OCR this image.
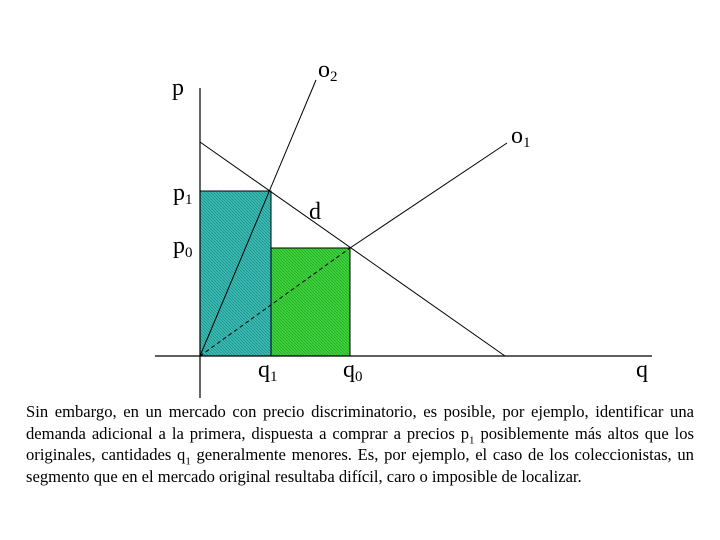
p
q
o2
o1
d
p1
p0
q1	q0
Sin embargo, en un mercado con precio discriminatorio, es posible, por ejemplo, identificar una demanda adicional a la primera, dispuesta a comprar a precios $p_1$ posiblemente más altos que los originales, cantidades $q_1$ generalmente menores. Es, por ejemplo, el caso de los coleccionistas, un segmento que en el mercado original resultaba difícil, caro o imposible de localizar.
